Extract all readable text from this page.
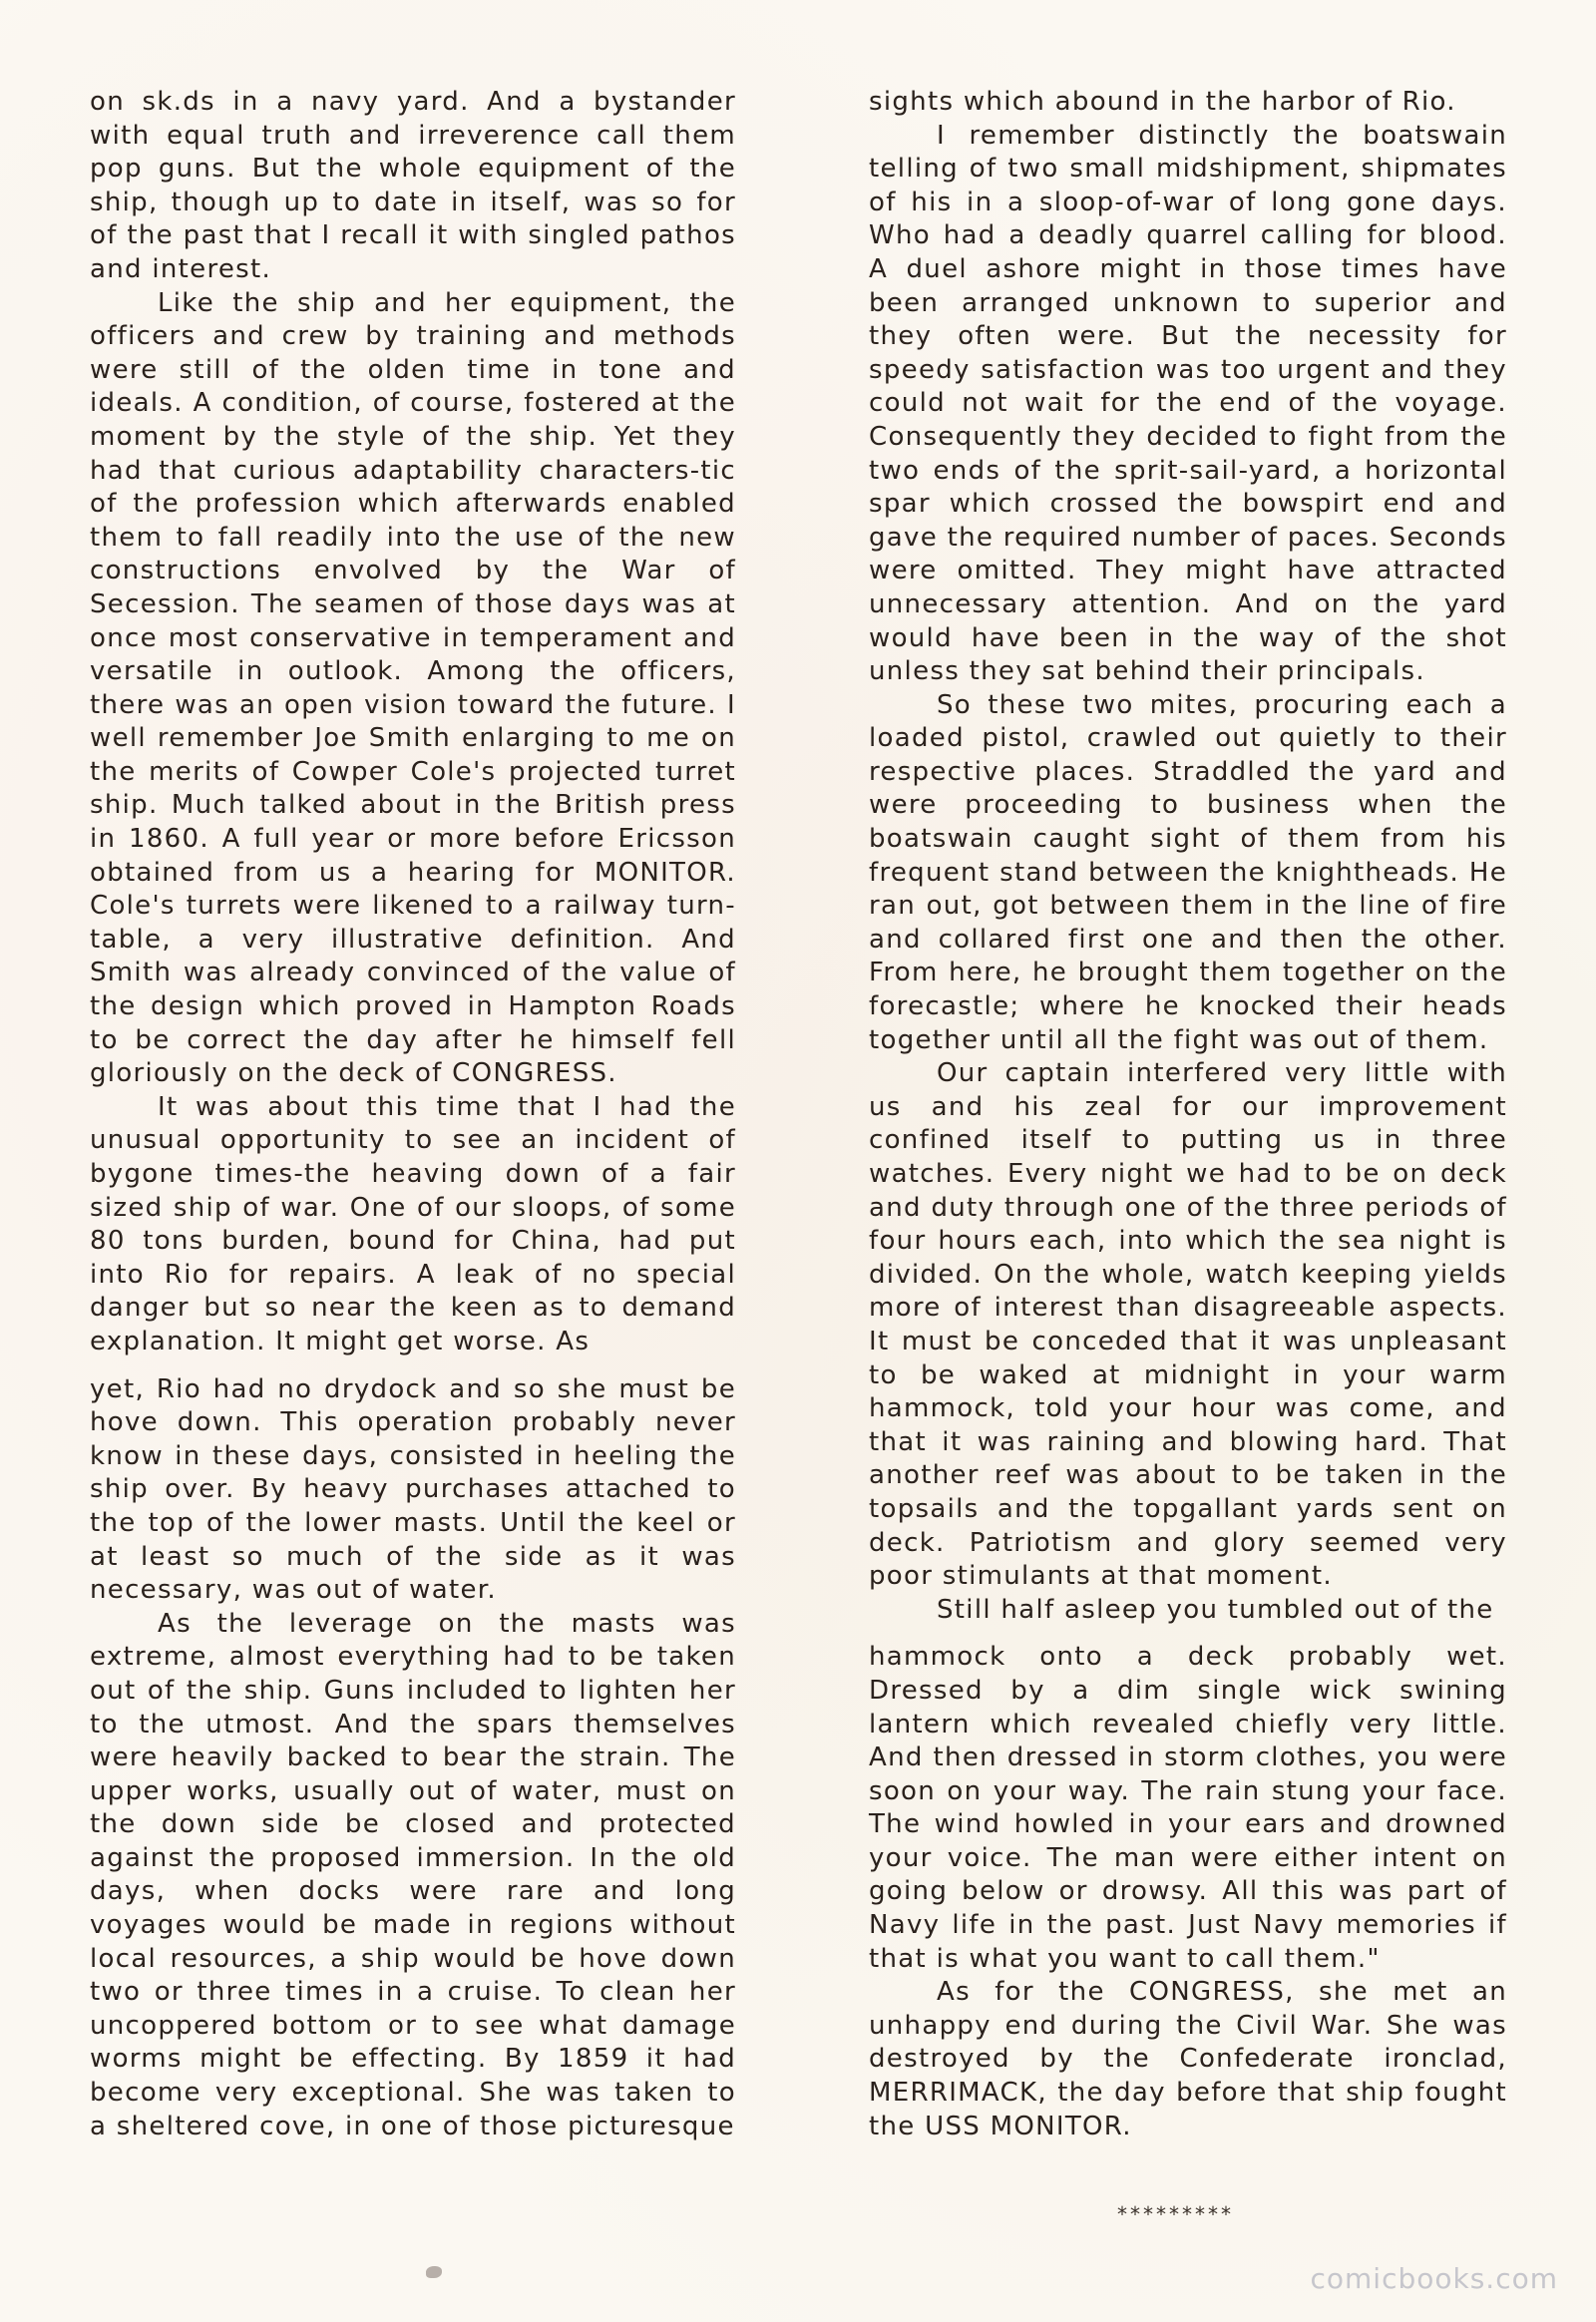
on sk.ds in a navy yard. And a bystander with equal truth and irreverence call them pop guns. But the whole equipment of the ship, though up to date in itself, was so for of the past that I recall it with singled pathos and interest.

Like the ship and her equipment, the officers and crew by training and methods were still of the olden time in tone and ideals. A condition, of course, fostered at the moment by the style of the ship. Yet they had that curious adaptability characters-tic of the profession which afterwards enabled them to fall readily into the use of the new constructions envolved by the War of Secession. The seamen of those days was at once most conservative in temperament and versatile in outlook. Among the officers, there was an open vision toward the future. I well remember Joe Smith enlarging to me on the merits of Cowper Cole's projected turret ship. Much talked about in the British press in 1860. A full year or more before Ericsson obtained from us a hearing for MONITOR. Cole's turrets were likened to a railway turn-table, a very illustrative definition. And Smith was already convinced of the value of the design which proved in Hampton Roads to be correct the day after he himself fell gloriously on the deck of CONGRESS.

It was about this time that I had the unusual opportunity to see an incident of bygone times-the heaving down of a fair sized ship of war. One of our sloops, of some 80 tons burden, bound for China, had put into Rio for repairs. A leak of no special danger but so near the keen as to demand explanation. It might get worse. As

yet, Rio had no drydock and so she must be hove down. This operation probably never know in these days, consisted in heeling the ship over. By heavy purchases attached to the top of the lower masts. Until the keel or at least so much of the side as it was necessary, was out of water.

As the leverage on the masts was extreme, almost everything had to be taken out of the ship. Guns included to lighten her to the utmost. And the spars themselves were heavily backed to bear the strain. The upper works, usually out of water, must on the down side be closed and protected against the proposed immersion. In the old days, when docks were rare and long voyages would be made in regions without local resources, a ship would be hove down two or three times in a cruise. To clean her uncoppered bottom or to see what damage worms might be effecting. By 1859 it had become very exceptional. She was taken to a sheltered cove, in one of those picturesque

sights which abound in the harbor of Rio.

I remember distinctly the boatswain telling of two small midshipment, shipmates of his in a sloop-of-war of long gone days. Who had a deadly quarrel calling for blood. A duel ashore might in those times have been arranged unknown to superior and they often were. But the necessity for speedy satisfaction was too urgent and they could not wait for the end of the voyage. Consequently they decided to fight from the two ends of the sprit-sail-yard, a horizontal spar which crossed the bowspirt end and gave the required number of paces. Seconds were omitted. They might have attracted unnecessary attention. And on the yard would have been in the way of the shot unless they sat behind their principals.

So these two mites, procuring each a loaded pistol, crawled out quietly to their respective places. Straddled the yard and were proceeding to business when the boatswain caught sight of them from his frequent stand between the knightheads. He ran out, got between them in the line of fire and collared first one and then the other. From here, he brought them together on the forecastle; where he knocked their heads together until all the fight was out of them.

Our captain interfered very little with us and his zeal for our improvement confined itself to putting us in three watches. Every night we had to be on deck and duty through one of the three periods of four hours each, into which the sea night is divided. On the whole, watch keeping yields more of interest than disagreeable aspects. It must be conceded that it was unpleasant to be waked at midnight in your warm hammock, told your hour was come, and that it was raining and blowing hard. That another reef was about to be taken in the topsails and the topgallant yards sent on deck. Patriotism and glory seemed very poor stimulants at that moment.

Still half asleep you tumbled out of the

hammock onto a deck probably wet. Dressed by a dim single wick swining lantern which revealed chiefly very little. And then dressed in storm clothes, you were soon on your way. The rain stung your face. The wind howled in your ears and drowned your voice. The man were either intent on going below or drowsy. All this was part of Navy life in the past. Just Navy memories if that is what you want to call them."

As for the CONGRESS, she met an unhappy end during the Civil War. She was destroyed by the Confederate ironclad, MERRIMACK, the day before that ship fought the USS MONITOR.

*********
comicbooks.com
